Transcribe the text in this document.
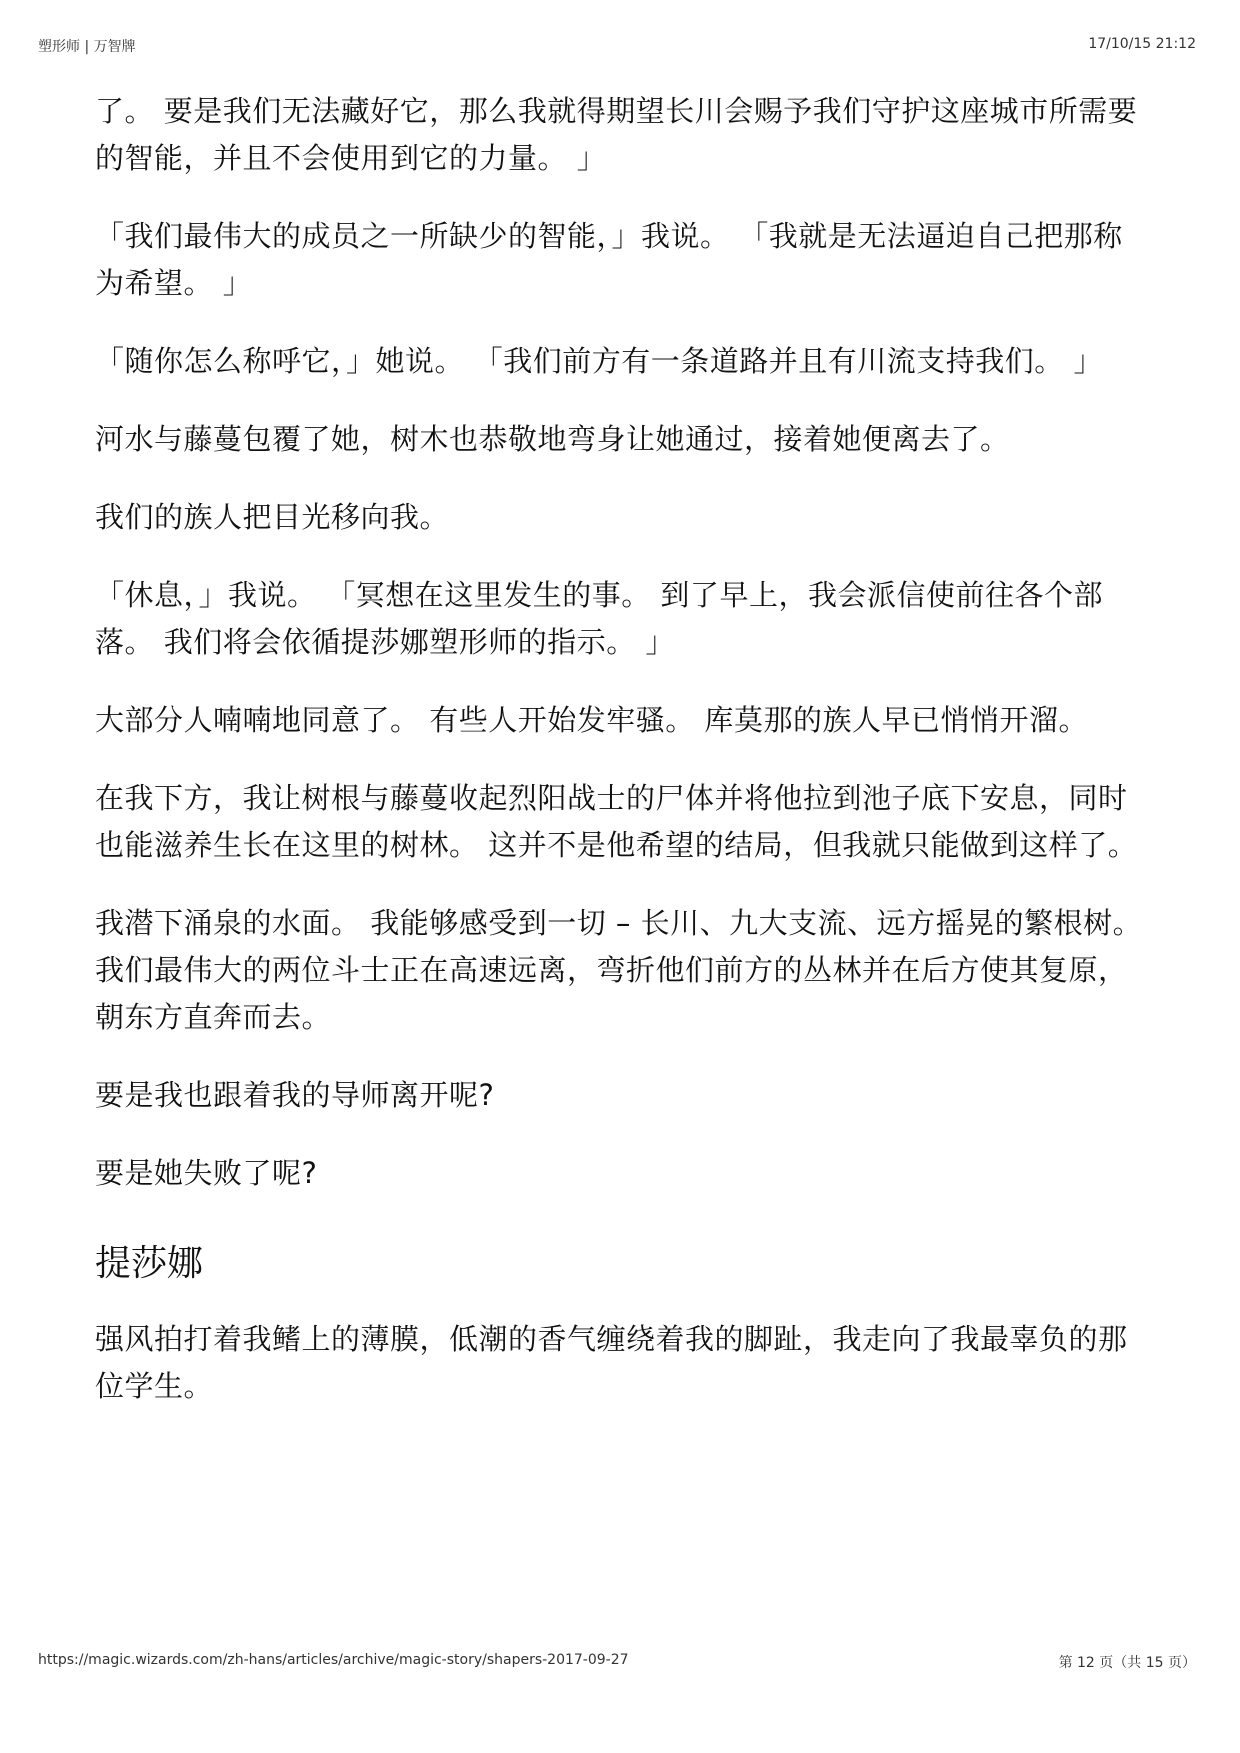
塑形师 | 万智牌	17/10/15 21:12

了。 要是我们无法藏好它，那么我就得期望长川会赐予我们守护这座城市所需要的智能，并且不会使用到它的力量。 」

「我们最伟大的成员之一所缺少的智能，」我说。 「我就是无法逼迫自己把那称为希望。 」

「随你怎么称呼它，」她说。 「我们前方有一条道路并且有川流支持我们。 」

河水与藤蔓包覆了她，树木也恭敬地弯身让她通过，接着她便离去了。

我们的族人把目光移向我。

「休息，」我说。 「冥想在这里发生的事。 到了早上，我会派信使前往各个部落。 我们将会依循提莎娜塑形师的指示。 」

大部分人喃喃地同意了。 有些人开始发牢骚。 库莫那的族人早已悄悄开溜。

在我下方，我让树根与藤蔓收起烈阳战士的尸体并将他拉到池子底下安息，同时也能滋养生长在这里的树林。 这并不是他希望的结局，但我就只能做到这样了。

我潜下涌泉的水面。 我能够感受到一切 – 长川、九大支流、远方摇晃的繁根树。 我们最伟大的两位斗士正在高速远离，弯折他们前方的丛林并在后方使其复原，朝东方直奔而去。

要是我也跟着我的导师离开呢?

要是她失败了呢?

提莎娜

强风拍打着我鳍上的薄膜，低潮的香气缠绕着我的脚趾，我走向了我最辜负的那位学生。

https://magic.wizards.com/zh-hans/articles/archive/magic-story/shapers-2017-09-27	第 12 页（共 15 页）
